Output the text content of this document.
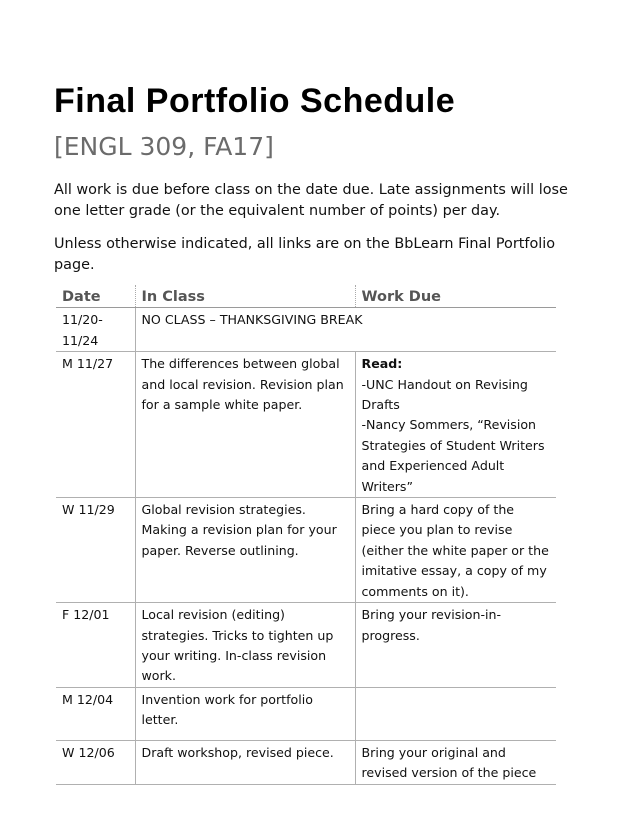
Final Portfolio Schedule
[ENGL 309, FA17]
All work is due before class on the date due. Late assignments will lose one letter grade (or the equivalent number of points) per day.
Unless otherwise indicated, all links are on the BbLearn Final Portfolio page.
Date	In Class	Work Due
11/20-11/24	NO CLASS – THANKSGIVING BREAK	
M 11/27	The differences between global and local revision. Revision plan for a sample white paper.	Read:
-UNC Handout on Revising Drafts
-Nancy Sommers, “Revision Strategies of Student Writers and Experienced Adult Writers”

W 11/29	Global revision strategies. Making a revision plan for your paper. Reverse outlining.	Bring a hard copy of the piece you plan to revise (either the white paper or the imitative essay, a copy of my comments on it).
F 12/01	Local revision (editing) strategies. Tricks to tighten up your writing. In-class revision work.	Bring your revision-in-progress.
M 12/04	Invention work for portfolio letter.	
W 12/06	Draft workshop, revised piece.	Bring your original and revised version of the piece
